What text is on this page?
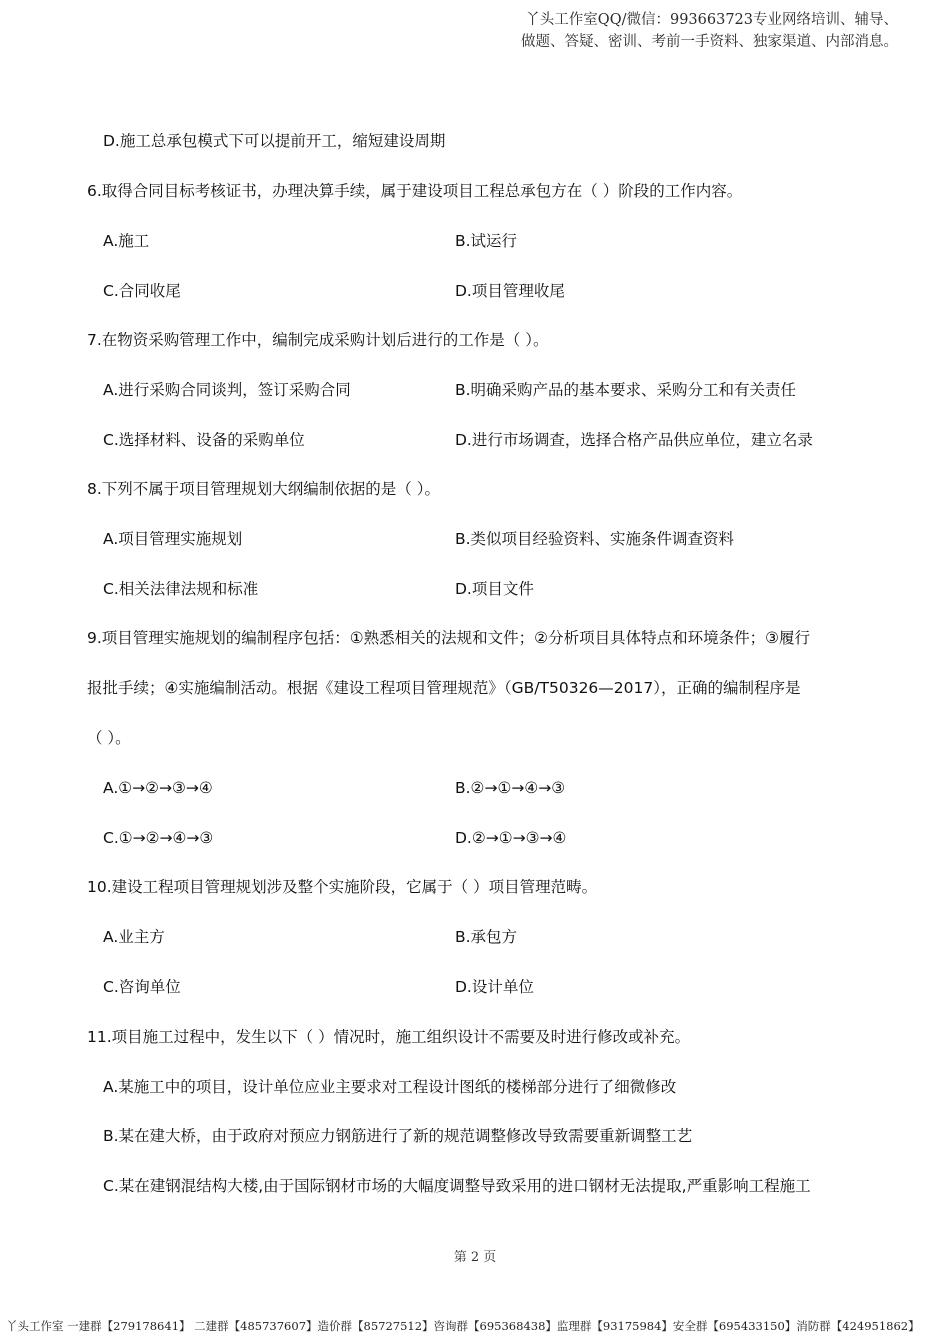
丫头工作室QQ/微信：993663723专业网络培训、辅导、
做题、答疑、密训、考前一手资料、独家渠道、内部消息。
D.施工总承包模式下可以提前开工，缩短建设周期
6.取得合同目标考核证书，办理决算手续，属于建设项目工程总承包方在（ ）阶段的工作内容。
A.施工	B.试运行
C.合同收尾	D.项目管理收尾
7.在物资采购管理工作中，编制完成采购计划后进行的工作是（ ）。
A.进行采购合同谈判，签订采购合同	B.明确采购产品的基本要求、采购分工和有关责任
C.选择材料、设备的采购单位	D.进行市场调查，选择合格产品供应单位，建立名录
8.下列不属于项目管理规划大纲编制依据的是（ ）。
A.项目管理实施规划	B.类似项目经验资料、实施条件调查资料
C.相关法律法规和标准	D.项目文件
9.项目管理实施规划的编制程序包括：①熟悉相关的法规和文件；②分析项目具体特点和环境条件；③履行
报批手续；④实施编制活动。根据《建设工程项目管理规范》（GB/T50326—2017），正确的编制程序是
（ ）。
A.①→②→③→④	B.②→①→④→③
C.①→②→④→③	D.②→①→③→④
10.建设工程项目管理规划涉及整个实施阶段，它属于（ ）项目管理范畴。
A.业主方	B.承包方
C.咨询单位	D.设计单位
11.项目施工过程中，发生以下（ ）情况时，施工组织设计不需要及时进行修改或补充。
A.某施工中的项目，设计单位应业主要求对工程设计图纸的楼梯部分进行了细微修改
B.某在建大桥，由于政府对预应力钢筋进行了新的规范调整修改导致需要重新调整工艺
C.某在建钢混结构大楼,由于国际钢材市场的大幅度调整导致采用的进口钢材无法提取,严重影响工程施工
第 2 页
丫头工作室 一建群【279178641】 二建群【485737607】造价群【85727512】咨询群【695368438】监理群【93175984】安全群【695433150】消防群【424951862】
